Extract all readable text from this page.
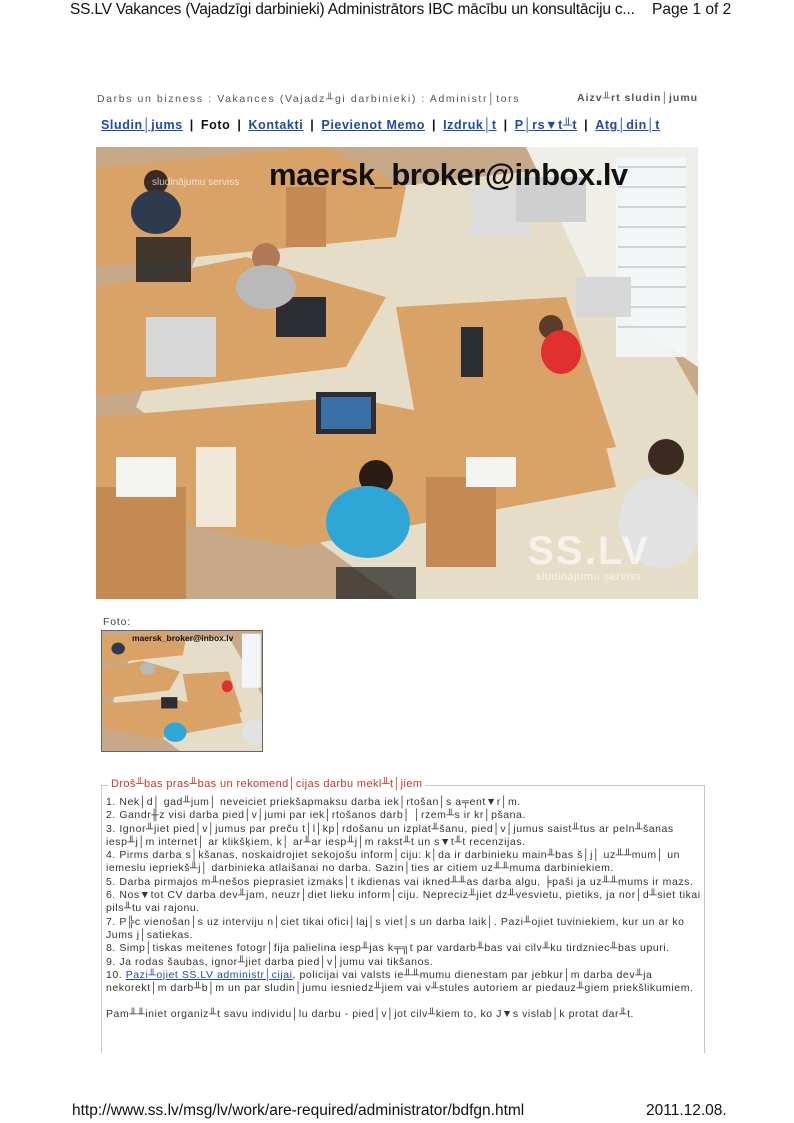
SS.LV Vakances (Vajadzīgi darbinieki) Administrātors IBC mācību un konsultāciju c... Page 1 of 2
Darbs un bizness : Vakances (Vajadz╨gi darbinieki) : Administr│tors	Aizv╨rt sludin│jumu
Sludin│jums | Foto | Kontakti | Pievienot Memo | Izdruk│t | P│rs▼t╨t | Atg│din│t
maersk_broker@inbox.lv
sludinājumu serviss
SS.LV
sludinājumu serviss
Foto:
maersk_broker@inbox.lv
Droš╨bas pras╨bas un rekomend│cijas darbu mekl╨t│jiem

1. Nek│d│ gad╨jum│ neveiciet priekšapmaksu darba iek│rtošan│s a╤ent▼r│m.

2. Gandr╫z visi darba pied│v│jumi par iek│rtošanos darb│ │rzem╨s ir kr│pšana.

3. Ignor╨jiet pied│v│jumus par preču t│l│kp│rdošanu un izplat╨šanu, pied│v│jumus saist╨tus ar peln╨šanas iesp╨j│m internet│ ar klikšķiem, k│ ar╨ar iesp╨j│m rakst╨t un s▼t╨t recenzijas.

4. Pirms darba s│kšanas, noskaidrojiet sekojošu inform│ciju: k│da ir darbinieku main╨bas š│j│ uz╨╨mum│ un iemeslu iepriekš╨j│ darbinieka atlaišanai no darba. Sazin│ties ar citiem uz╨╨muma darbiniekiem.

5. Darba pirmajos m╨nešos pieprasiet izmaks│t ikdienas vai ikned╨╨as darba algu, ╞paši ja uz╨╨mums ir mazs.

6. Nos▼tot CV darba dev╨jam, neuzr│diet lieku inform│ciju. Nepreciz╨jiet dz╨vesvietu, pietiks, ja nor│d╨siet tikai pils╨tu vai rajonu.

7. P╠c vienošan│s uz interviju n│ciet tikai ofici│laj│s viet│s un darba laik│. Pazi╨ojiet tuviniekiem, kur un ar ko Jums j│satiekas.

8. Simp│tiskas meitenes fotogr│fija palielina iesp╨jas k╤╗t par vardarb╨bas vai cilv╨ku tirdzniec╨bas upuri.

9. Ja rodas šaubas, ignor╨jiet darba pied│v│jumu vai tikšanos.

10. Pazi╨ojiet SS.LV administr│cijai, policijai vai valsts ie╨╨mumu dienestam par jebkur│m darba dev╨ja nekorekt│m darb╨b│m un par sludin│jumu iesniedz╨jiem vai v╨stules autoriem ar piedauz╨giem priekšlikumiem.

Pam╨╨iniet organiz╨t savu individu│lu darbu - pied│v│jot cilv╨kiem to, ko J▼s vislab│k protat dar╨t.

http://www.ss.lv/msg/lv/work/are-required/administrator/bdfgn.html	2011.12.08.
